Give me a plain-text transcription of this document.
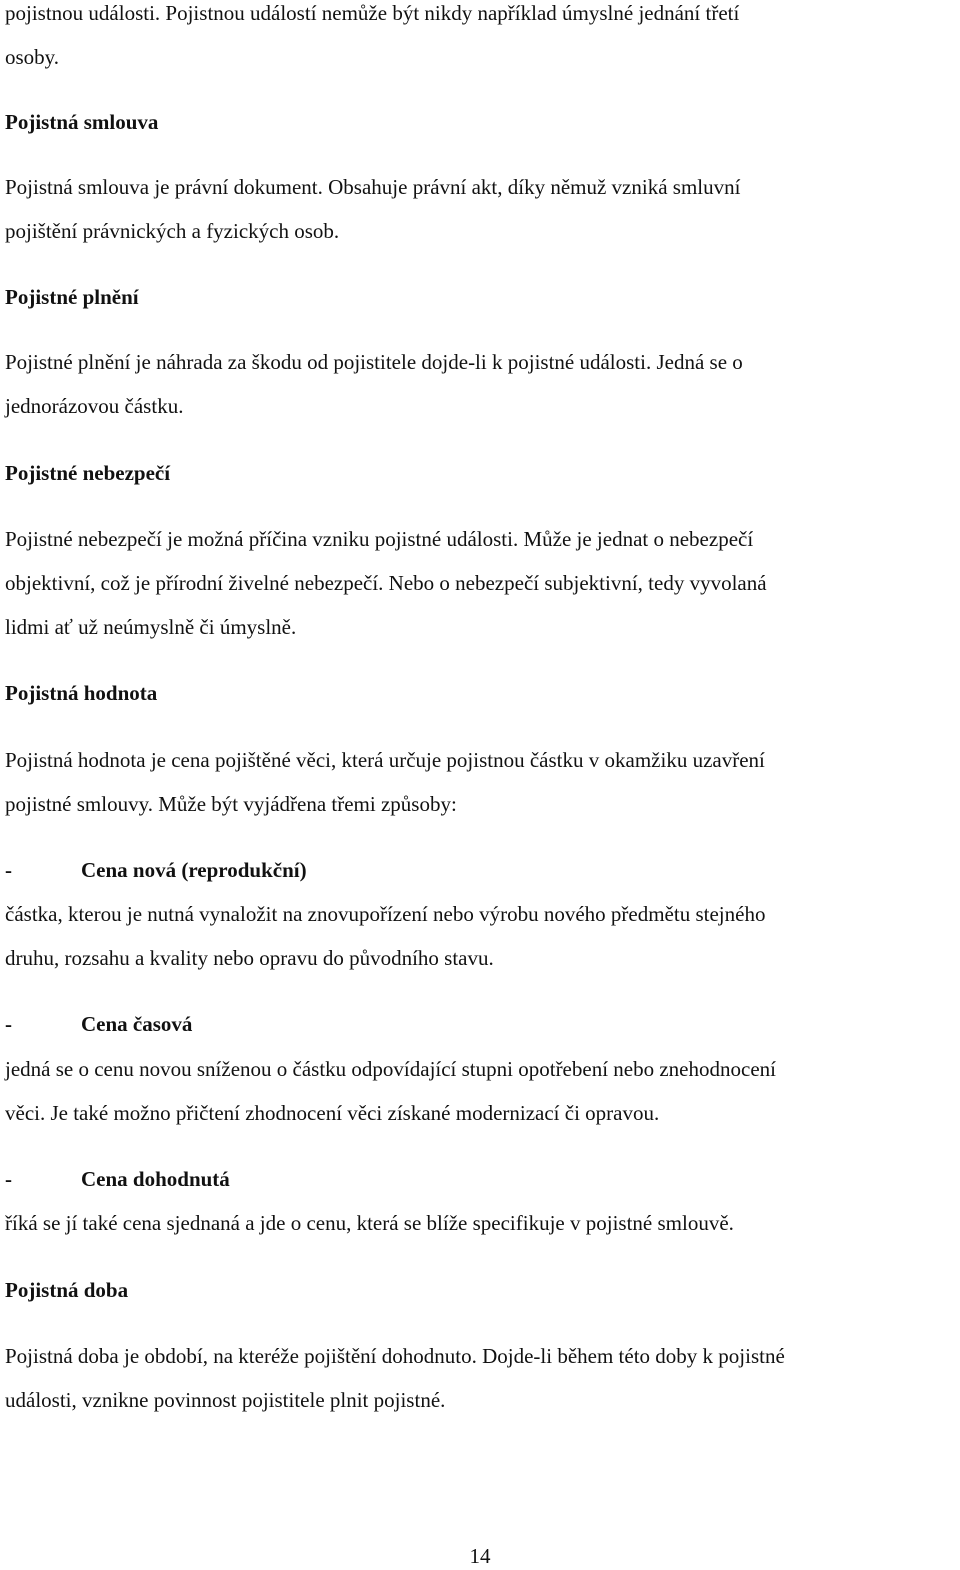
pojistnou události. Pojistnou událostí nemůže být nikdy například úmyslné jednání třetí
osoby.
Pojistná smlouva
Pojistná smlouva je právní dokument. Obsahuje právní akt, díky němuž vzniká smluvní
pojištění právnických a fyzických osob.
Pojistné plnění
Pojistné plnění je náhrada za škodu od pojistitele dojde-li k pojistné události. Jedná se o
jednorázovou částku.
Pojistné nebezpečí
Pojistné nebezpečí je možná příčina vzniku pojistné události. Může je jednat o nebezpečí
objektivní, což je přírodní živelné nebezpečí. Nebo o nebezpečí subjektivní, tedy vyvolaná
lidmi ať už neúmyslně či úmyslně.
Pojistná hodnota
Pojistná hodnota je cena pojištěné věci, která určuje pojistnou částku v okamžiku uzavření
pojistné smlouvy. Může být vyjádřena třemi způsoby:
-	Cena nová (reprodukční)
částka, kterou je nutná vynaložit na znovupořízení nebo výrobu nového předmětu stejného
druhu, rozsahu a kvality nebo opravu do původního stavu.
-	Cena časová
jedná se o cenu novou sníženou o částku odpovídající stupni opotřebení nebo znehodnocení
věci. Je také možno přičtení zhodnocení věci získané modernizací či opravou.
-	Cena dohodnutá
říká se jí také cena sjednaná a jde o cenu, která se blíže specifikuje v pojistné smlouvě.
Pojistná doba
Pojistná doba je období, na kteréže pojištění dohodnuto. Dojde-li během této doby k pojistné
události, vznikne povinnost pojistitele plnit pojistné.
14
